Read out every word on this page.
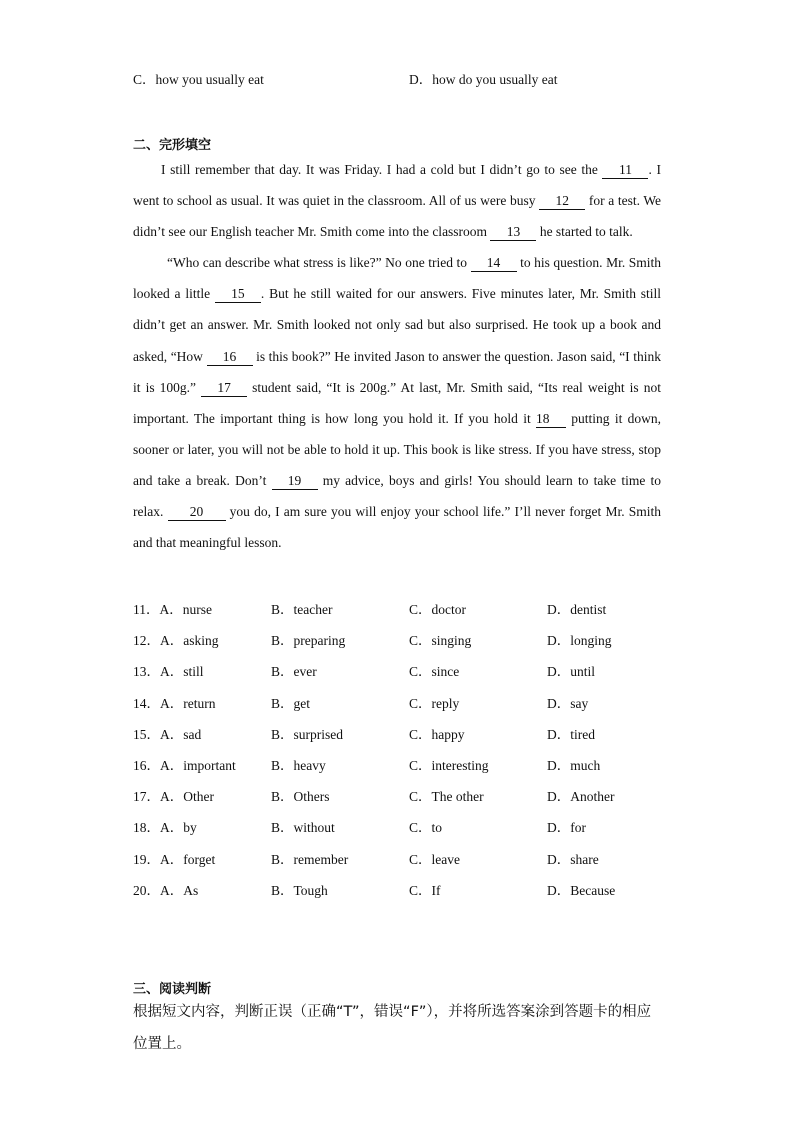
C．how you usually eat	D．how do you usually eat
二、完形填空

I still remember that day. It was Friday. I had a cold but I didn’t go to see the 11 . I went to school as usual. It was quiet in the classroom. All of us were busy 12 for a test. We didn’t see our English teacher Mr. Smith come into the classroom 13 he started to talk.

“Who can describe what stress is like?” No one tried to 14 to his question. Mr. Smith looked a little 15 . But he still waited for our answers. Five minutes later, Mr. Smith still didn’t get an answer. Mr. Smith looked not only sad but also surprised. He took up a book and asked, “How 16 is this book?” He invited Jason to answer the question. Jason said, “I think it is 100g.” 17 student said, “It is 200g.” At last, Mr. Smith said, “Its real weight is not important. The important thing is how long you hold it. If you hold it 18 putting it down, sooner or later, you will not be able to hold it up. This book is like stress. If you have stress, stop and take a break. Don’t 19 my advice, boys and girls! You should learn to take time to relax. 20 you do, I am sure you will enjoy your school life.” I’ll never forget Mr. Smith and that meaningful lesson.

11．A．nurse	B．teacher	C．doctor	D．dentist
12．A．asking	B．preparing	C．singing	D．longing
13．A．still	B．ever	C．since	D．until
14．A．return	B．get	C．reply	D．say
15．A．sad	B．surprised	C．happy	D．tired
16．A．important	B．heavy	C．interesting	D．much
17．A．Other	B．Others	C．The other	D．Another
18．A．by	B．without	C．to	D．for
19．A．forget	B．remember	C．leave	D．share
20．A．As	B．Tough	C．If	D．Because
三、阅读判断
根据短文内容，判断正误（正确“T”，错误“F”），并将所选答案涂到答题卡的相应位置上。
